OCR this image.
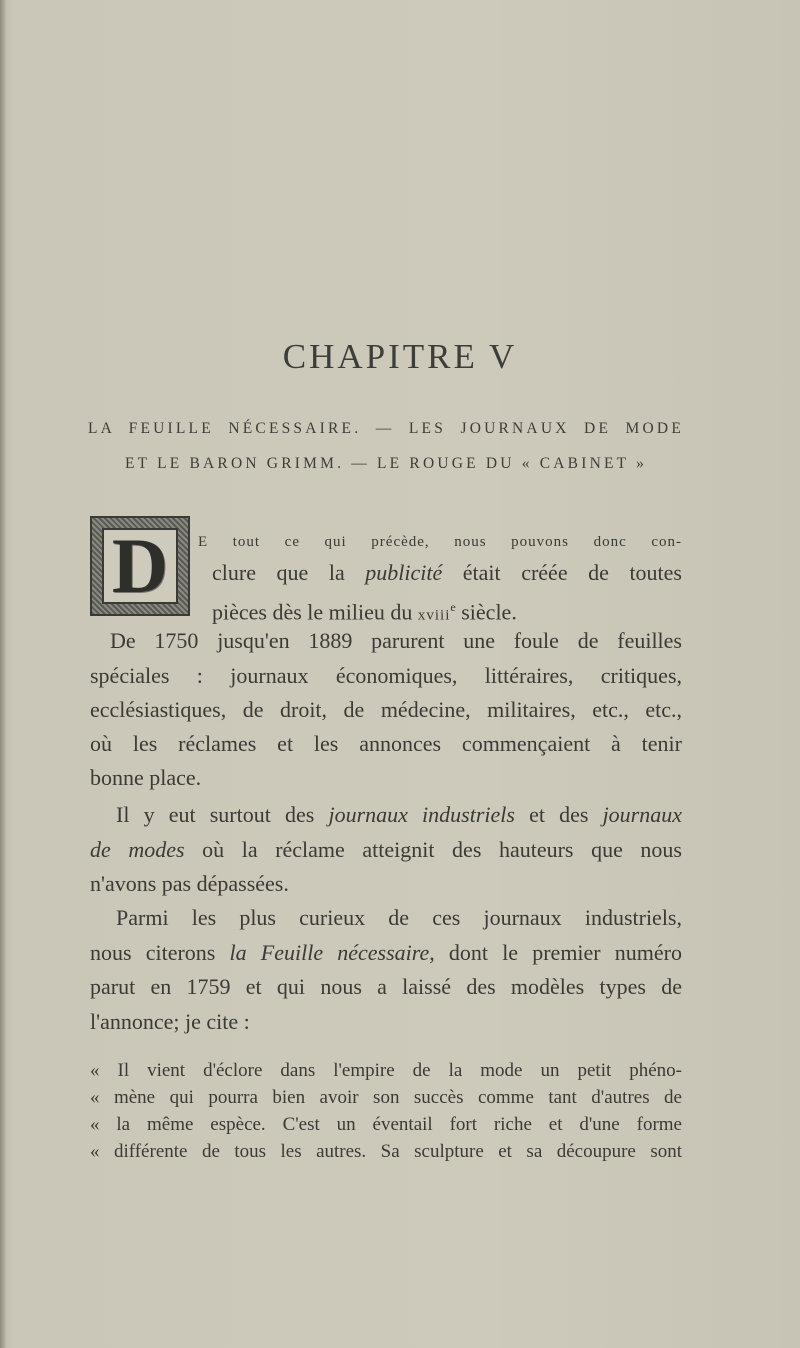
CHAPITRE V
LA FEUILLE NÉCESSAIRE. — LES JOURNAUX DE MODE
ET LE BARON GRIMM. — LE ROUGE DU « CABINET »
D E tout ce qui précède, nous pouvons donc con-
clure que la publicité était créée de toutes
pièces dès le milieu du xviii$^e$ siècle.
De 1750 jusqu'en 1889 parurent une foule de feuilles
spéciales : journaux économiques, littéraires, critiques,
ecclésiastiques, de droit, de médecine, militaires, etc., etc.,
où les réclames et les annonces commençaient à tenir
bonne place.
Il y eut surtout des journaux industriels et des journaux
de modes où la réclame atteignit des hauteurs que nous
n'avons pas dépassées.
Parmi les plus curieux de ces journaux industriels,
nous citerons la Feuille nécessaire, dont le premier numéro
parut en 1759 et qui nous a laissé des modèles types de
l'annonce; je cite :
« Il vient d'éclore dans l'empire de la mode un petit phéno-
« mène qui pourra bien avoir son succès comme tant d'autres de
« la même espèce. C'est un éventail fort riche et d'une forme
« différente de tous les autres. Sa sculpture et sa découpure sont
